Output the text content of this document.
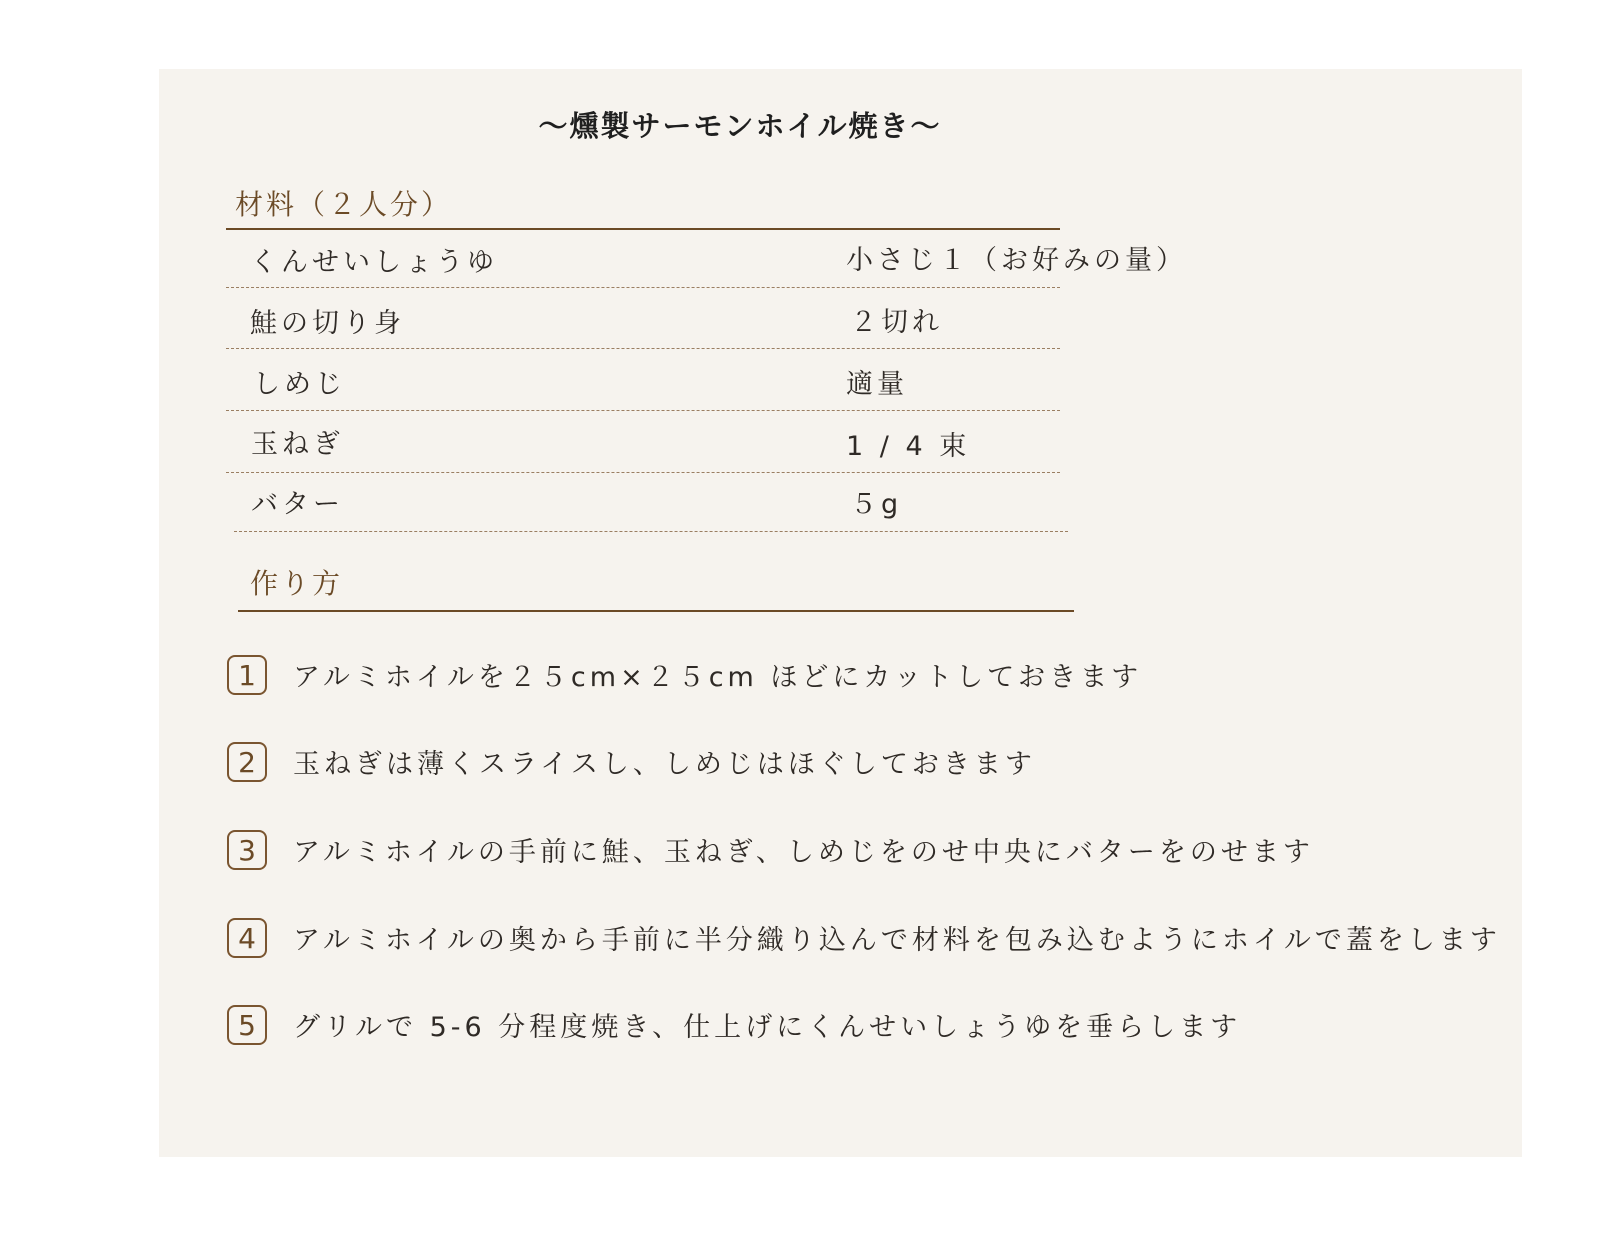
〜燻製サーモンホイル焼き〜
材料（２人分）
くんせいしょうゆ	小さじ１（お好みの量）
鮭の切り身	２切れ
しめじ	適量
玉ねぎ	1 / 4 束
バター	５g
作り方
1	アルミホイルを２５cm×２５cm ほどにカットしておきます
2	玉ねぎは薄くスライスし、しめじはほぐしておきます
3	アルミホイルの手前に鮭、玉ねぎ、しめじをのせ中央にバターをのせます
4	アルミホイルの奥から手前に半分織り込んで材料を包み込むようにホイルで蓋をします
5	グリルで 5-6 分程度焼き、仕上げにくんせいしょうゆを垂らします
